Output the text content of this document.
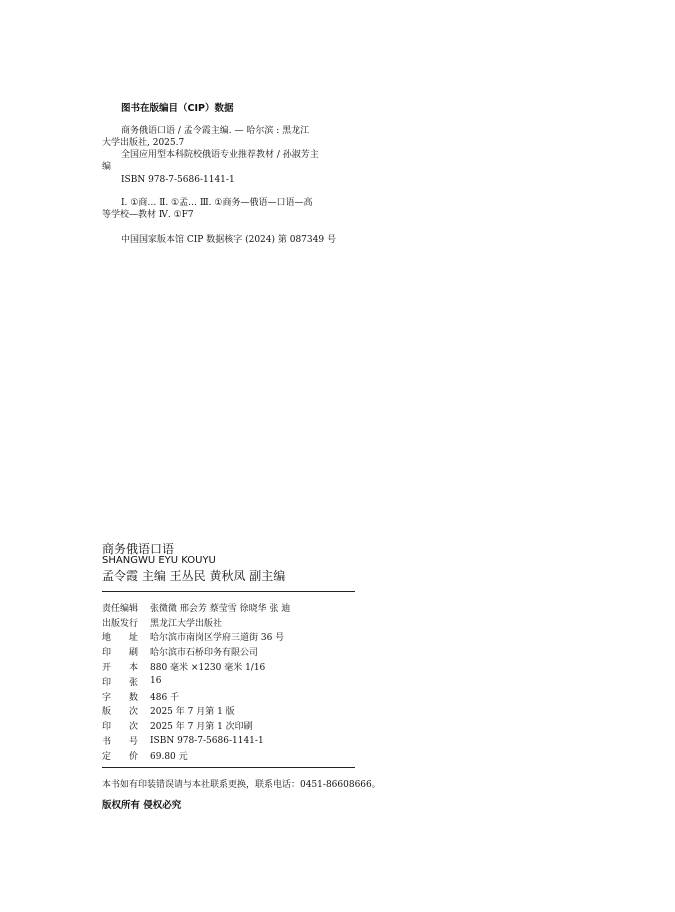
图书在版编目（CIP）数据
商务俄语口语 / 孟令霞主编. — 哈尔滨 : 黑龙江
大学出版社, 2025.7
全国应用型本科院校俄语专业推荐教材 / 孙淑芳主
编
ISBN 978-7-5686-1141-1
Ⅰ. ①商… Ⅱ. ①孟… Ⅲ. ①商务—俄语—口语—高
等学校—教材 Ⅳ. ①F7
中国国家版本馆 CIP 数据核字 (2024) 第 087349 号
商务俄语口语
SHANGWU EYU KOUYU
孟令霞 主编 王丛民 黄秋凤 副主编
责任编辑 张微微 邢会芳 蔡莹雪 徐晓华 张 迪
出版发行 黑龙江大学出版社
地 址 哈尔滨市南岗区学府三道街 36 号
印 刷 哈尔滨市石桥印务有限公司
开 本 880 毫米 ×1230 毫米 1/16
印 张 16
字 数 486 千
版 次 2025 年 7 月第 1 版
印 次 2025 年 7 月第 1 次印刷
书 号 ISBN 978-7-5686-1141-1
定 价 69.80 元
本书如有印装错误请与本社联系更换，联系电话：0451-86608666。
版权所有 侵权必究
